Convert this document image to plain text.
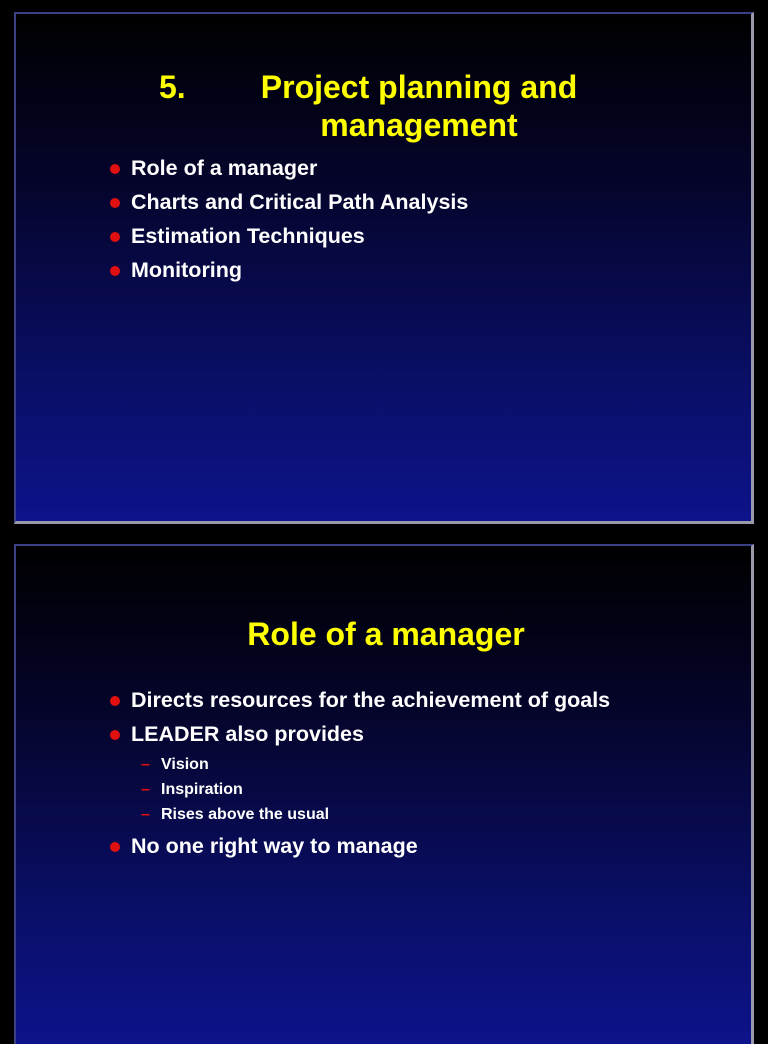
5.	Project planning and management
Role of a manager
Charts and Critical Path Analysis
Estimation Techniques
Monitoring
Role of a manager
Directs resources for the achievement of goals
LEADER also provides
– Vision
– Inspiration
– Rises above the usual
No one right way to manage
